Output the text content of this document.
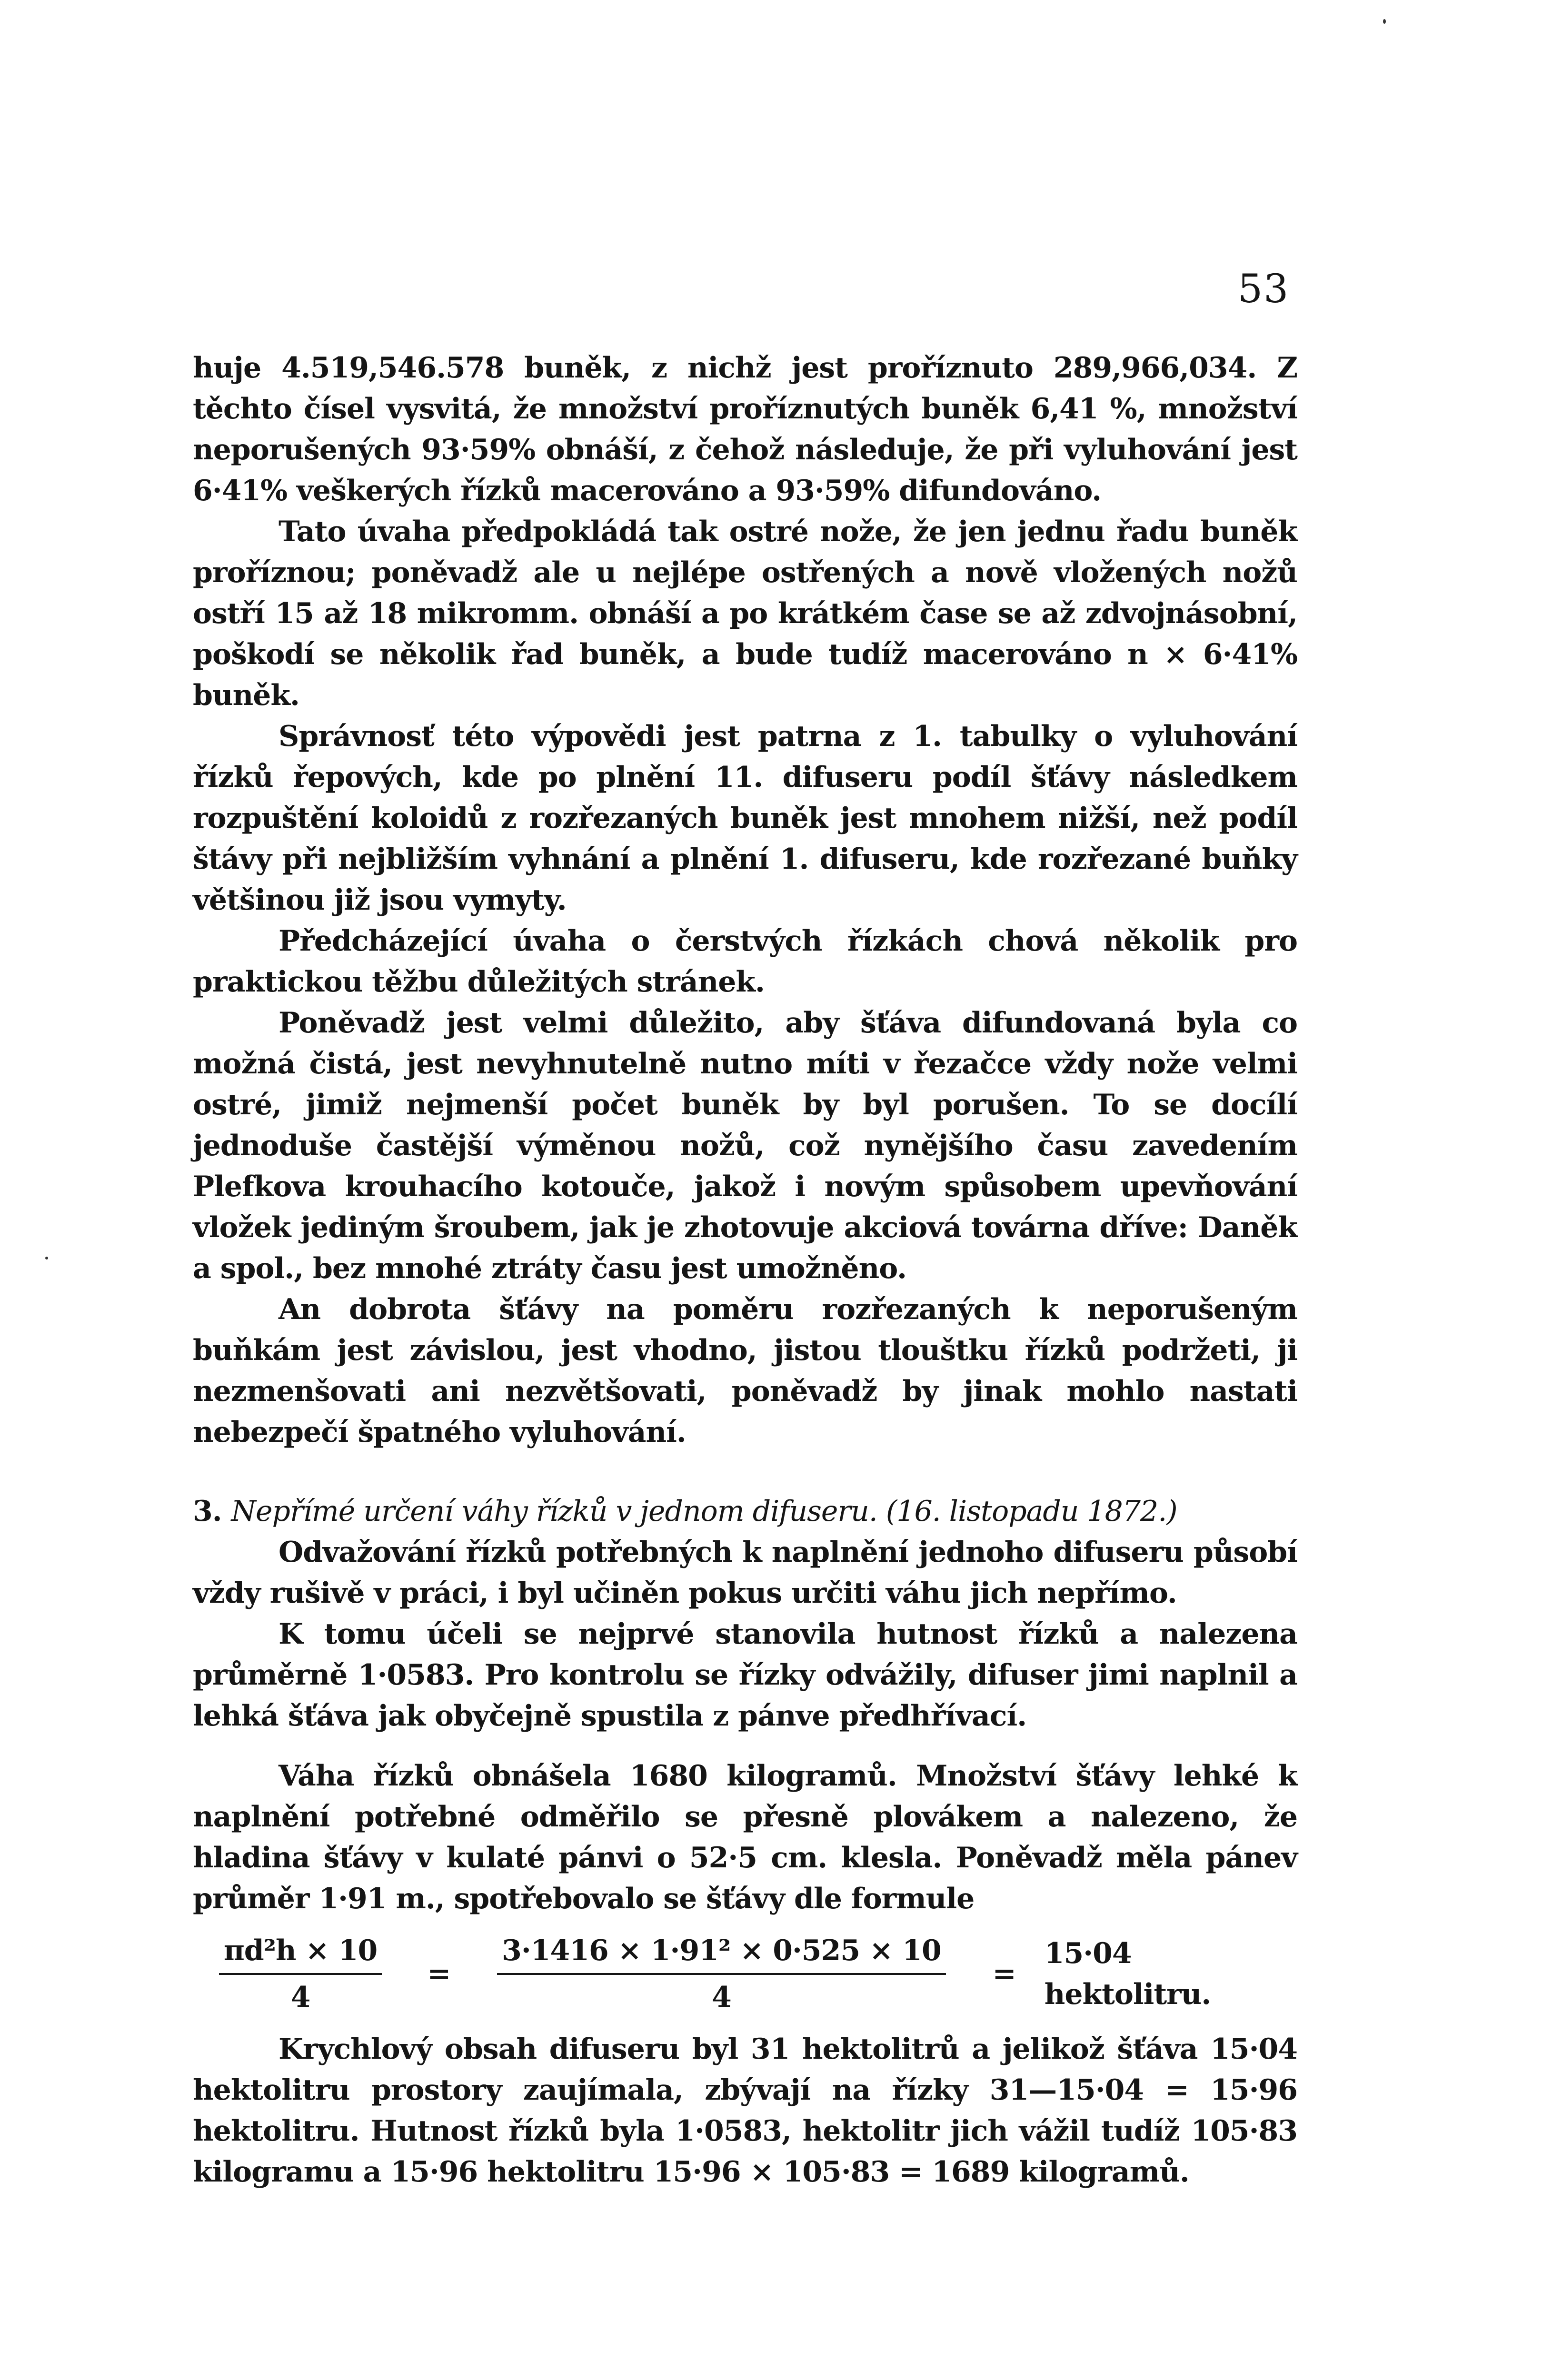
53

huje 4.519,546.578 buněk, z nichž jest proříznuto 289,966,034. Z těchto čísel vysvitá, že množství proříznutých buněk 6,41 %, množství neporušených 93·59% obnáší, z čehož následuje, že při vyluhování jest 6·41% veškerých řízků macerováno a 93·59% difundováno.

Tato úvaha předpokládá tak ostré nože, že jen jednu řadu buněk proříznou; poněvadž ale u nejlépe ostřených a nově vložených nožů ostří 15 až 18 mikromm. obnáší a po krátkém čase se až zdvojnásobní, poškodí se několik řad buněk, a bude tudíž macerováno n × 6·41% buněk.

Správnosť této výpovědi jest patrna z 1. tabulky o vyluhování řízků řepových, kde po plnění 11. difuseru podíl šťávy následkem rozpuštění koloidů z rozřezaných buněk jest mnohem nižší, než podíl štávy při nejbližším vyhnání a plnění 1. difuseru, kde rozřezané buňky většinou již jsou vymyty.

Předcházející úvaha o čerstvých řízkách chová několik pro praktickou těžbu důležitých stránek.

Poněvadž jest velmi důležito, aby šťáva difundovaná byla co možná čistá, jest nevyhnutelně nutno míti v řezačce vždy nože velmi ostré, jimiž nejmenší počet buněk by byl porušen. To se docílí jednoduše častější výměnou nožů, což nynějšího času zavedením Plefkova krouhacího kotouče, jakož i novým spůsobem upevňování vložek jediným šroubem, jak je zhotovuje akciová továrna dříve: Daněk a spol., bez mnohé ztráty času jest umožněno.

An dobrota šťávy na poměru rozřezaných k neporušeným buňkám jest závislou, jest vhodno, jistou tlouštku řízků podržeti, ji nezmenšovati ani nezvětšovati, poněvadž by jinak mohlo nastati nebezpečí špatného vyluhování.

3. Nepřímé určení váhy řízků v jednom difuseru. (16. listopadu 1872.)

Odvažování řízků potřebných k naplnění jednoho difuseru působí vždy rušivě v práci, i byl učiněn pokus určiti váhu jich nepřímo.

K tomu účeli se nejprvé stanovila hutnost řízků a nalezena průměrně 1·0583. Pro kontrolu se řízky odvážily, difuser jimi naplnil a lehká šťáva jak obyčejně spustila z pánve předhřívací.

Váha řízků obnášela 1680 kilogramů. Množství šťávy lehké k naplnění potřebné odměřilo se přesně plovákem a nalezeno, že hladina šťávy v kulaté pánvi o 52·5 cm. klesla. Poněvadž měla pánev průměr 1·91 m., spotřebovalo se šťávy dle formule

$\frac{\text{πd²h × 10}}{4} = \frac{\text{3·1416 × 1·91² × 0·525 × 10}}{4}$ =
15·04 hektolitru.

Krychlový obsah difuseru byl 31 hektolitrů a jelikož šťáva 15·04 hektolitru prostory zaujímala, zbývají na řízky 31—15·04 = 15·96 hektolitru. Hutnost řízků byla 1·0583, hektolitr jich vážil tudíž 105·83 kilogramu a 15·96 hektolitru 15·96 × 105·83 = 1689 kilogramů.
